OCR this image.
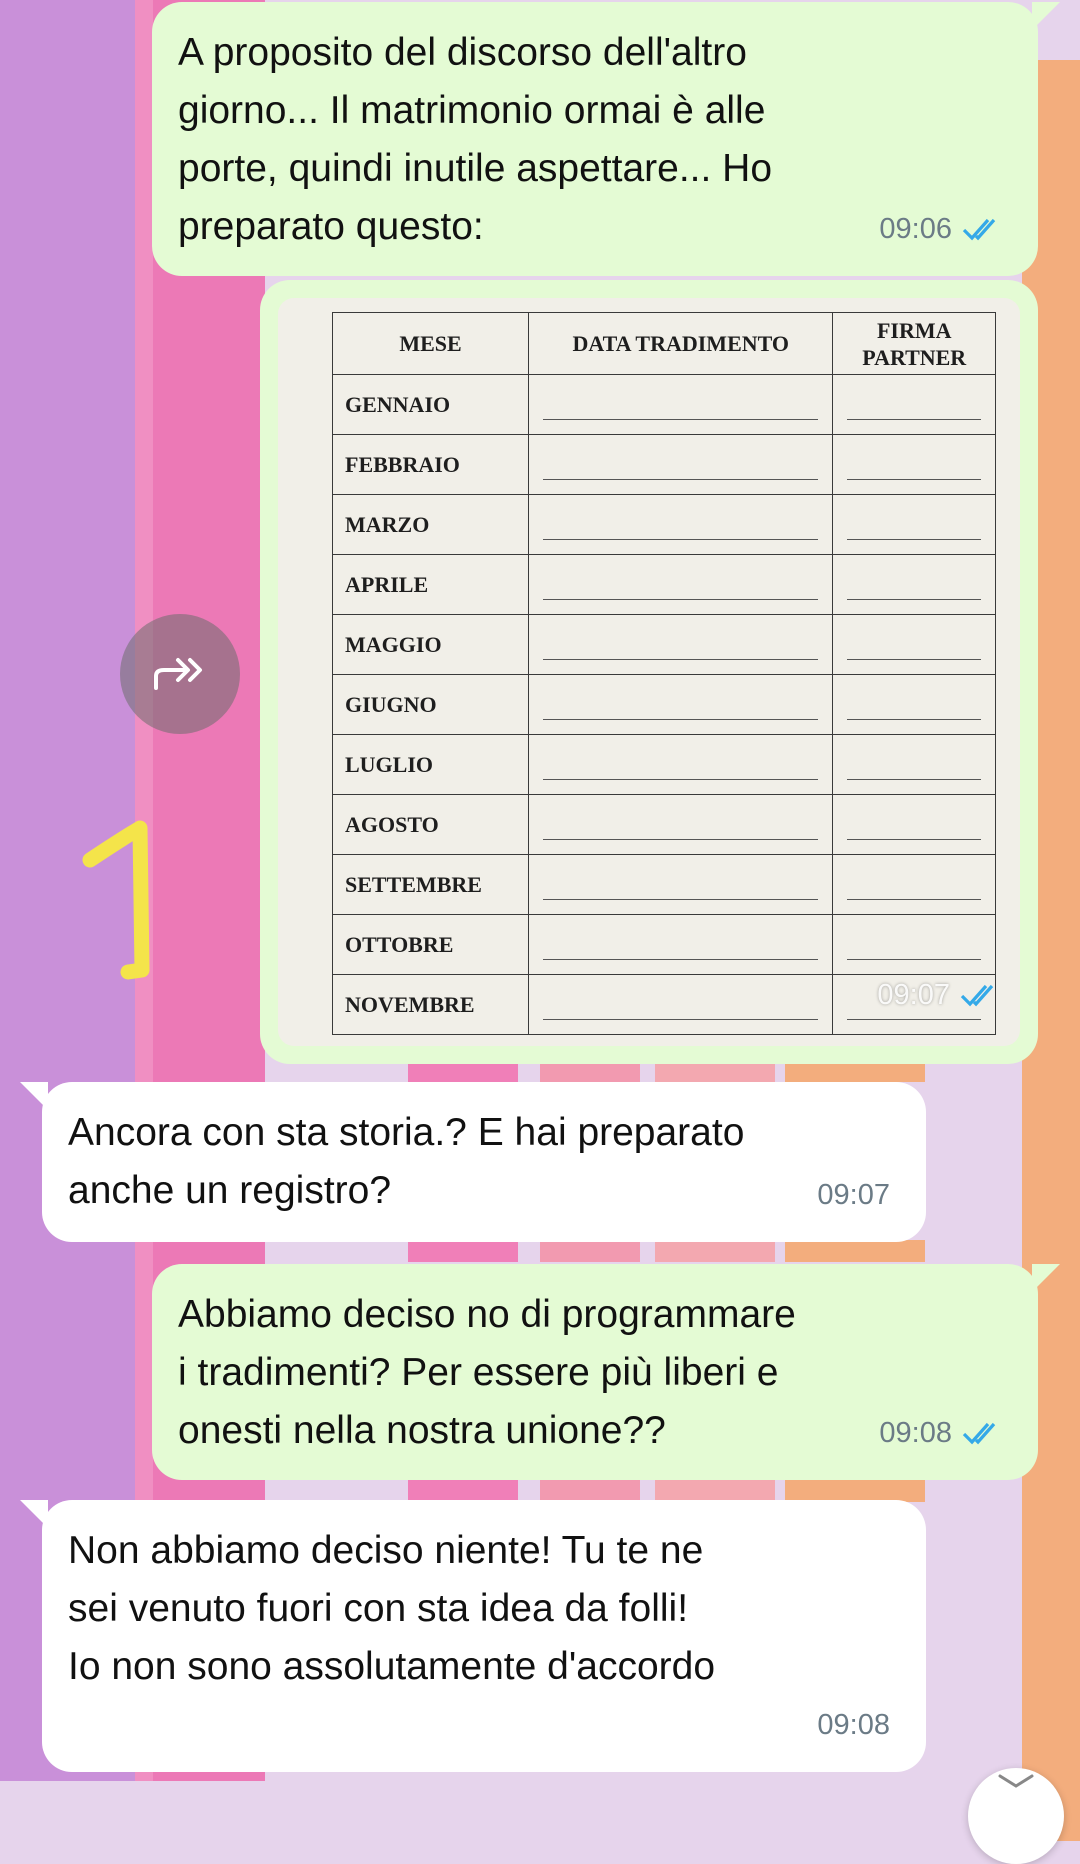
A proposito del discorso dell'altro
giorno... Il matrimonio ormai è alle
porte, quindi inutile aspettare... Ho
preparato questo:	09:06
MESE	DATA TRADIMENTO	FIRMA
PARTNER
GENNAIO		
FEBBRAIO		
MARZO		
APRILE		
MAGGIO		
GIUGNO		
LUGLIO		
AGOSTO		
SETTEMBRE		
OTTOBRE		
NOVEMBRE			09:07
Ancora con sta storia.? E hai preparato
anche un registro?	09:07
Abbiamo deciso no di programmare
i tradimenti? Per essere più liberi e
onesti nella nostra unione??	09:08
Non abbiamo deciso niente! Tu te ne
sei venuto fuori con sta idea da folli!
Io non sono assolutamente d'accordo
09:08
